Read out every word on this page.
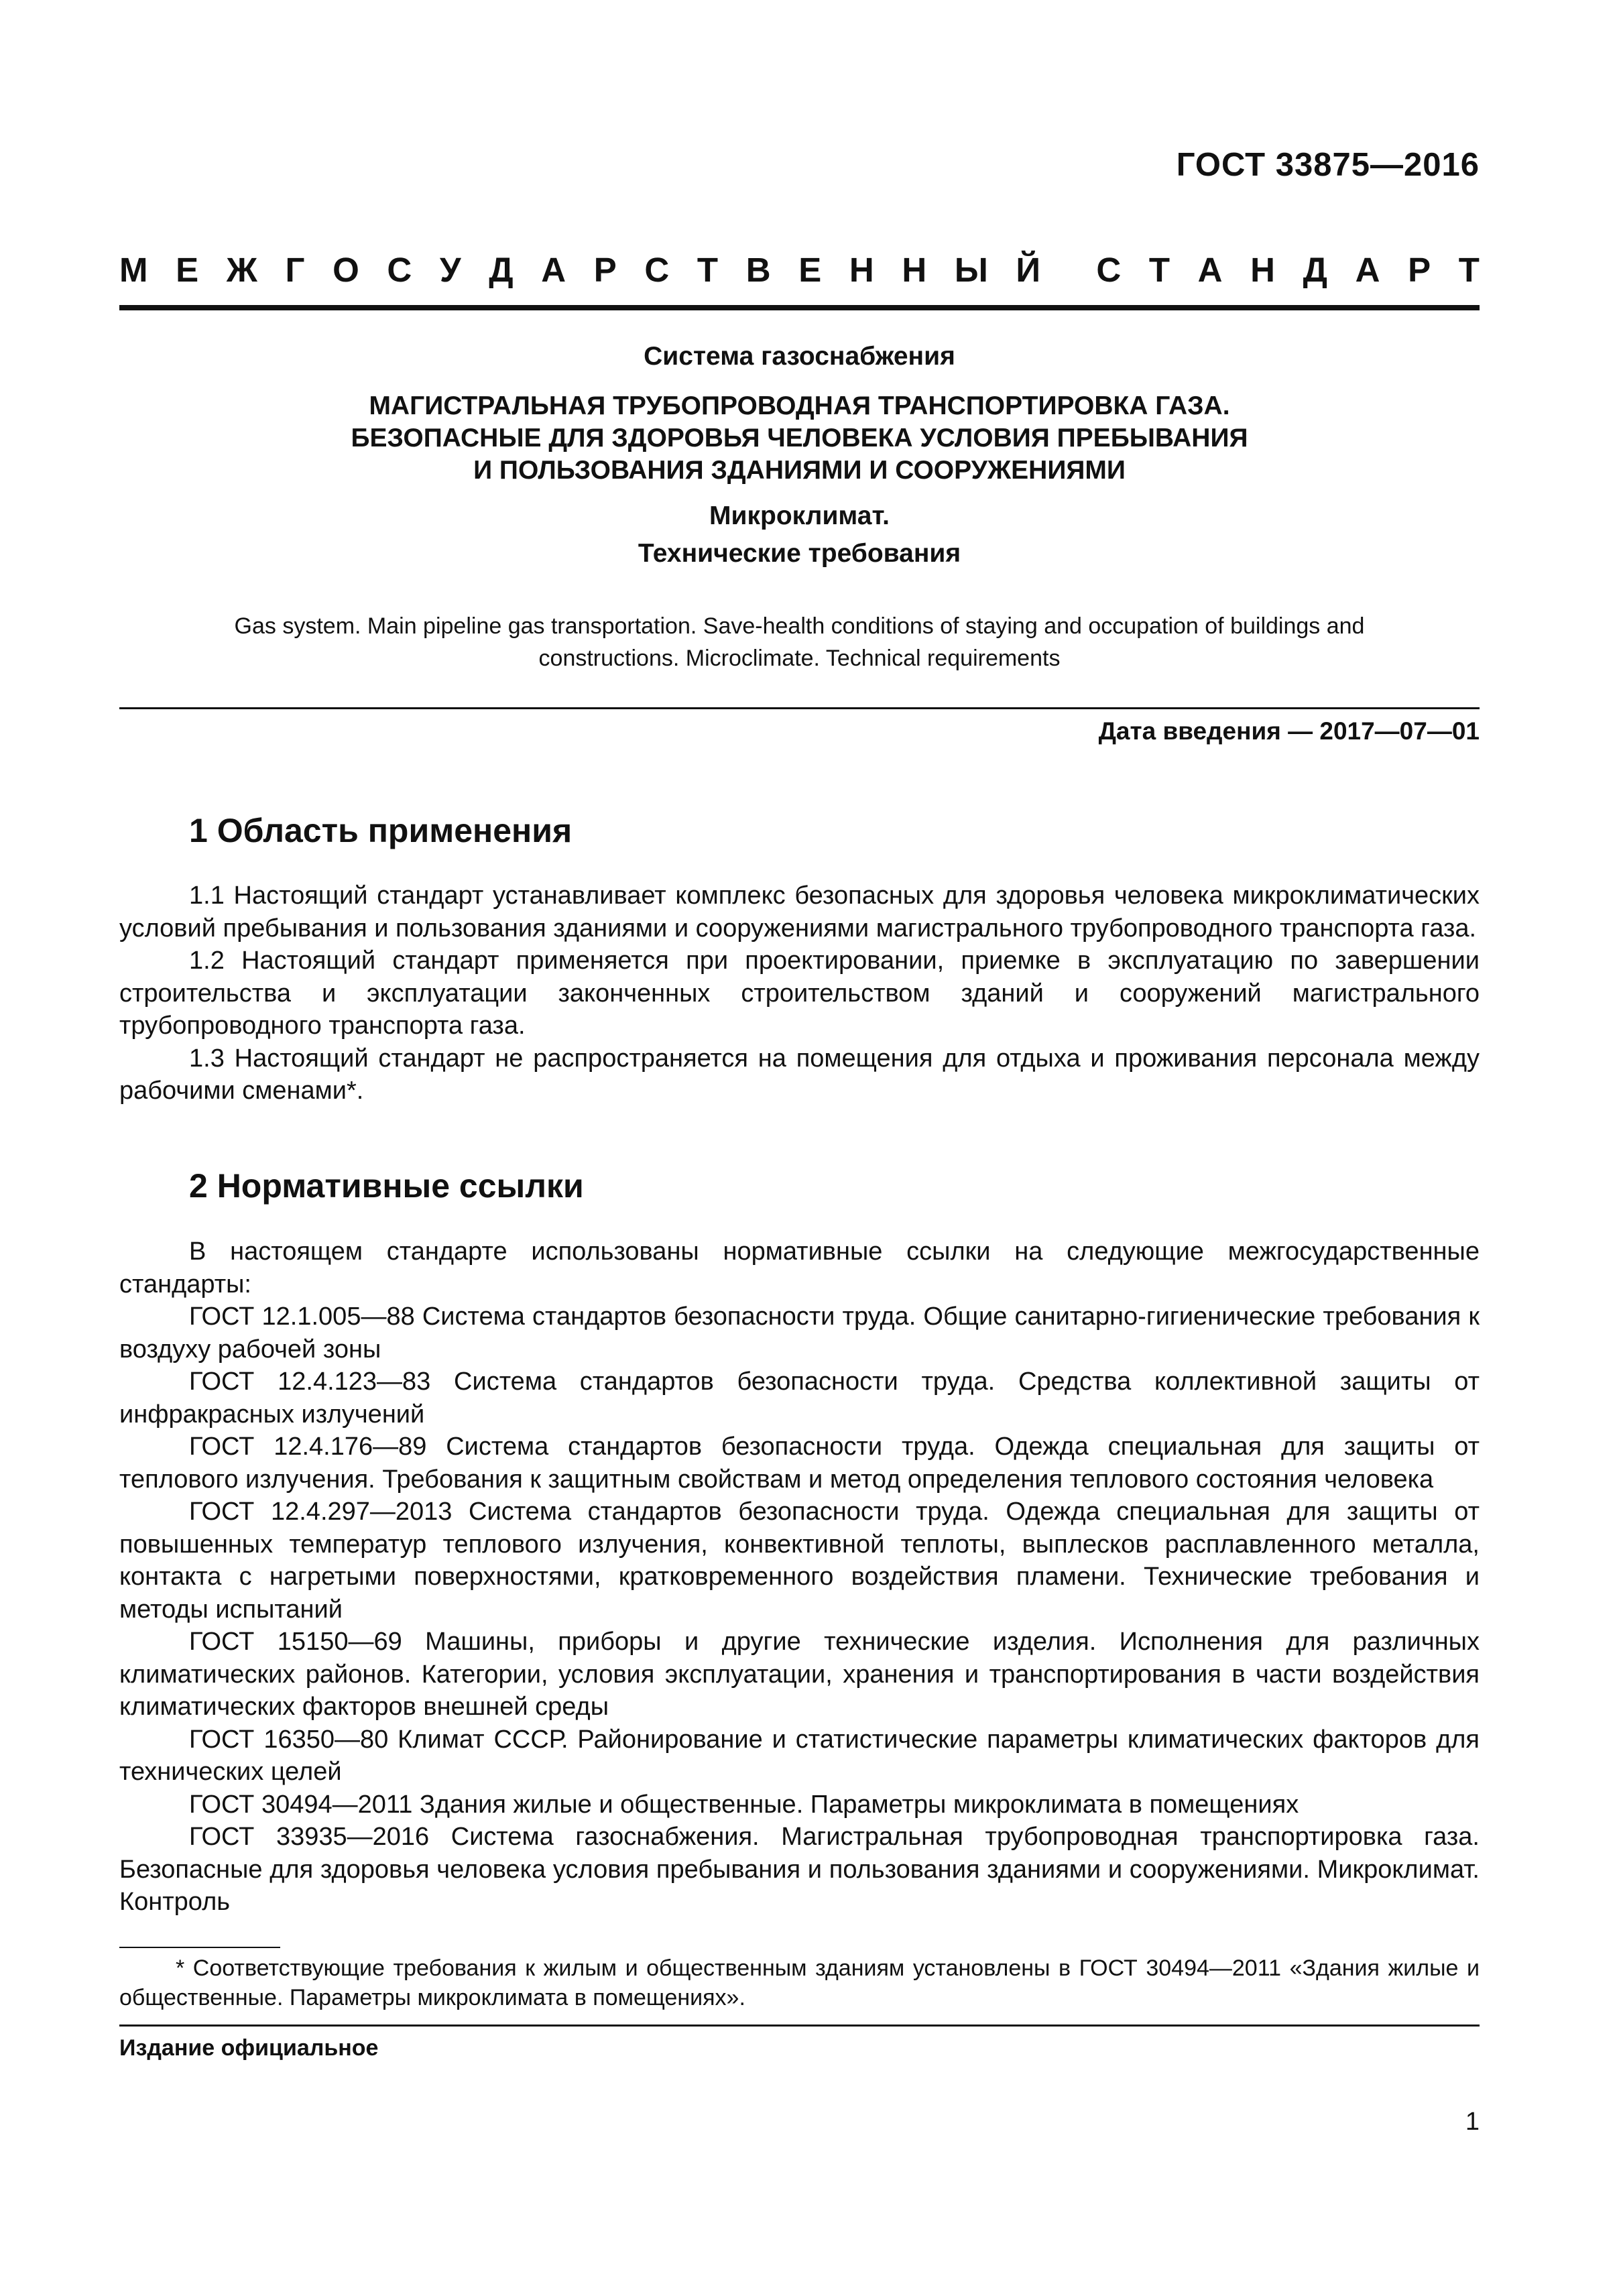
ГОСТ 33875—2016
М Е Ж Г О С У Д А Р С Т В Е Н Н Ы Й С Т А Н Д А Р Т
Система газоснабжения
МАГИСТРАЛЬНАЯ ТРУБОПРОВОДНАЯ ТРАНСПОРТИРОВКА ГАЗА.
БЕЗОПАСНЫЕ ДЛЯ ЗДОРОВЬЯ ЧЕЛОВЕКА УСЛОВИЯ ПРЕБЫВАНИЯ
И ПОЛЬЗОВАНИЯ ЗДАНИЯМИ И СООРУЖЕНИЯМИ
Микроклимат.
Технические требования
Gas system. Main pipeline gas transportation. Save-health conditions of staying and occupation of buildings and
constructions. Microclimate. Technical requirements
Дата введения — 2017—07—01
1 Область применения

1.1 Настоящий стандарт устанавливает комплекс безопасных для здоровья человека микроклиматических условий пребывания и пользования зданиями и сооружениями магистрального трубопроводного транспорта газа.

1.2 Настоящий стандарт применяется при проектировании, приемке в эксплуатацию по завершении строительства и эксплуатации законченных строительством зданий и сооружений магистрального трубопроводного транспорта газа.

1.3 Настоящий стандарт не распространяется на помещения для отдыха и проживания персонала между рабочими сменами*.

2 Нормативные ссылки

В настоящем стандарте использованы нормативные ссылки на следующие межгосударственные стандарты:

ГОСТ 12.1.005—88 Система стандартов безопасности труда. Общие санитарно-гигиенические требования к воздуху рабочей зоны

ГОСТ 12.4.123—83 Система стандартов безопасности труда. Средства коллективной защиты от инфракрасных излучений

ГОСТ 12.4.176—89 Система стандартов безопасности труда. Одежда специальная для защиты от теплового излучения. Требования к защитным свойствам и метод определения теплового состояния человека

ГОСТ 12.4.297—2013 Система стандартов безопасности труда. Одежда специальная для защиты от повышенных температур теплового излучения, конвективной теплоты, выплесков расплавленного металла, контакта с нагретыми поверхностями, кратковременного воздействия пламени. Технические требования и методы испытаний

ГОСТ 15150—69 Машины, приборы и другие технические изделия. Исполнения для различных климатических районов. Категории, условия эксплуатации, хранения и транспортирования в части воздействия климатических факторов внешней среды

ГОСТ 16350—80 Климат СССР. Районирование и статистические параметры климатических факторов для технических целей

ГОСТ 30494—2011 Здания жилые и общественные. Параметры микроклимата в помещениях

ГОСТ 33935—2016 Система газоснабжения. Магистральная трубопроводная транспортировка газа. Безопасные для здоровья человека условия пребывания и пользования зданиями и сооружениями. Микроклимат. Контроль

* Соответствующие требования к жилым и общественным зданиям установлены в ГОСТ 30494—2011 «Здания жилые и общественные. Параметры микроклимата в помещениях».

Издание официальное
1
